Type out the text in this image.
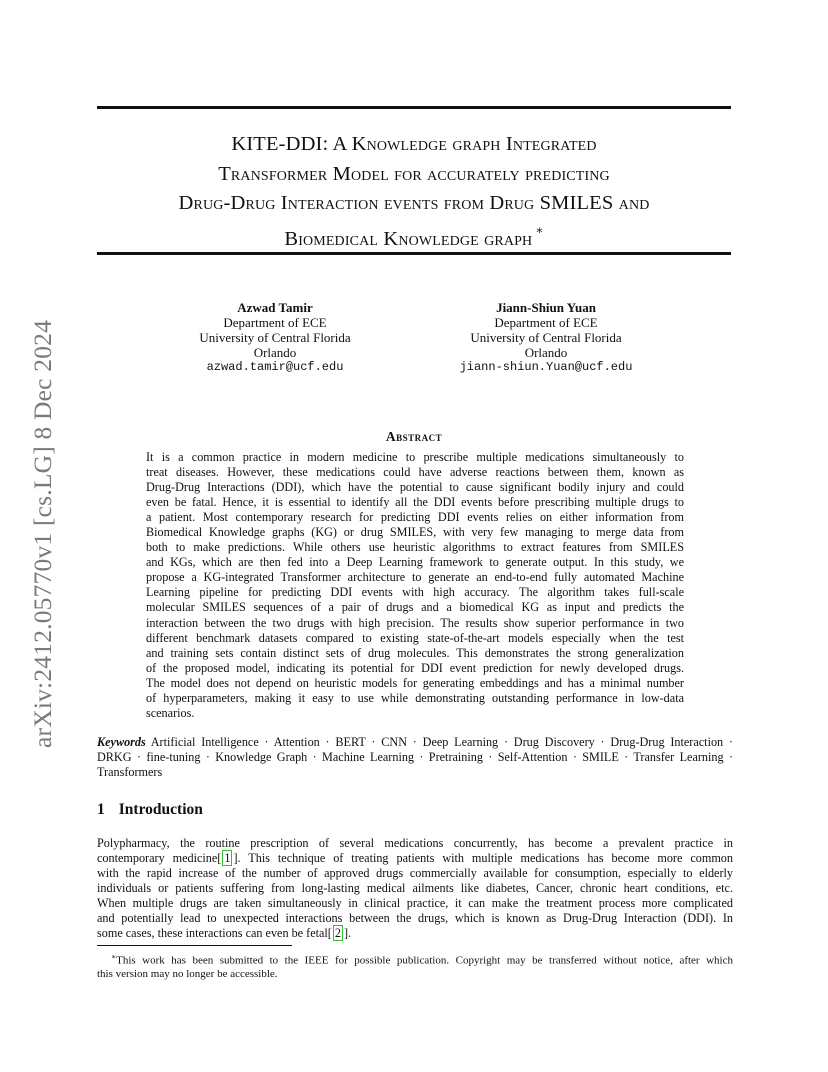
arXiv:2412.05770v1 [cs.LG] 8 Dec 2024
KITE-DDI: A Knowledge graph Integrated
Transformer Model for accurately predicting
Drug-Drug Interaction events from Drug SMILES and
Biomedical Knowledge graph ∗
Azwad Tamir
Department of ECE
University of Central Florida
Orlando
azwad.tamir@ucf.edu
Jiann-Shiun Yuan
Department of ECE
University of Central Florida
Orlando
jiann-shiun.Yuan@ucf.edu
Abstract
It is a common practice in modern medicine to prescribe multiple medications simultaneously to
treat diseases. However, these medications could have adverse reactions between them, known as
Drug-Drug Interactions (DDI), which have the potential to cause significant bodily injury and could
even be fatal. Hence, it is essential to identify all the DDI events before prescribing multiple drugs to
a patient. Most contemporary research for predicting DDI events relies on either information from
Biomedical Knowledge graphs (KG) or drug SMILES, with very few managing to merge data from
both to make predictions. While others use heuristic algorithms to extract features from SMILES
and KGs, which are then fed into a Deep Learning framework to generate output. In this study, we
propose a KG-integrated Transformer architecture to generate an end-to-end fully automated Machine
Learning pipeline for predicting DDI events with high accuracy. The algorithm takes full-scale
molecular SMILES sequences of a pair of drugs and a biomedical KG as input and predicts the
interaction between the two drugs with high precision. The results show superior performance in two
different benchmark datasets compared to existing state-of-the-art models especially when the test
and training sets contain distinct sets of drug molecules. This demonstrates the strong generalization
of the proposed model, indicating its potential for DDI event prediction for newly developed drugs.
The model does not depend on heuristic models for generating embeddings and has a minimal number
of hyperparameters, making it easy to use while demonstrating outstanding performance in low-data
scenarios.
Keywords Artificial Intelligence · Attention · BERT · CNN · Deep Learning · Drug Discovery · Drug-Drug Interaction ·
DRKG · fine-tuning · Knowledge Graph · Machine Learning · Pretraining · Self-Attention · SMILE · Transfer Learning ·
Transformers
1 Introduction
Polypharmacy, the routine prescription of several medications concurrently, has become a prevalent practice in
contemporary medicine[ 1 ]. This technique of treating patients with multiple medications has become more common
with the rapid increase of the number of approved drugs commercially available for consumption, especially to elderly
individuals or patients suffering from long-lasting medical ailments like diabetes, Cancer, chronic heart conditions, etc.
When multiple drugs are taken simultaneously in clinical practice, it can make the treatment process more complicated
and potentially lead to unexpected interactions between the drugs, which is known as Drug-Drug Interaction (DDI). In
some cases, these interactions can even be fetal[ 2 ].
∗This work has been submitted to the IEEE for possible publication. Copyright may be transferred without notice, after which
this version may no longer be accessible.
